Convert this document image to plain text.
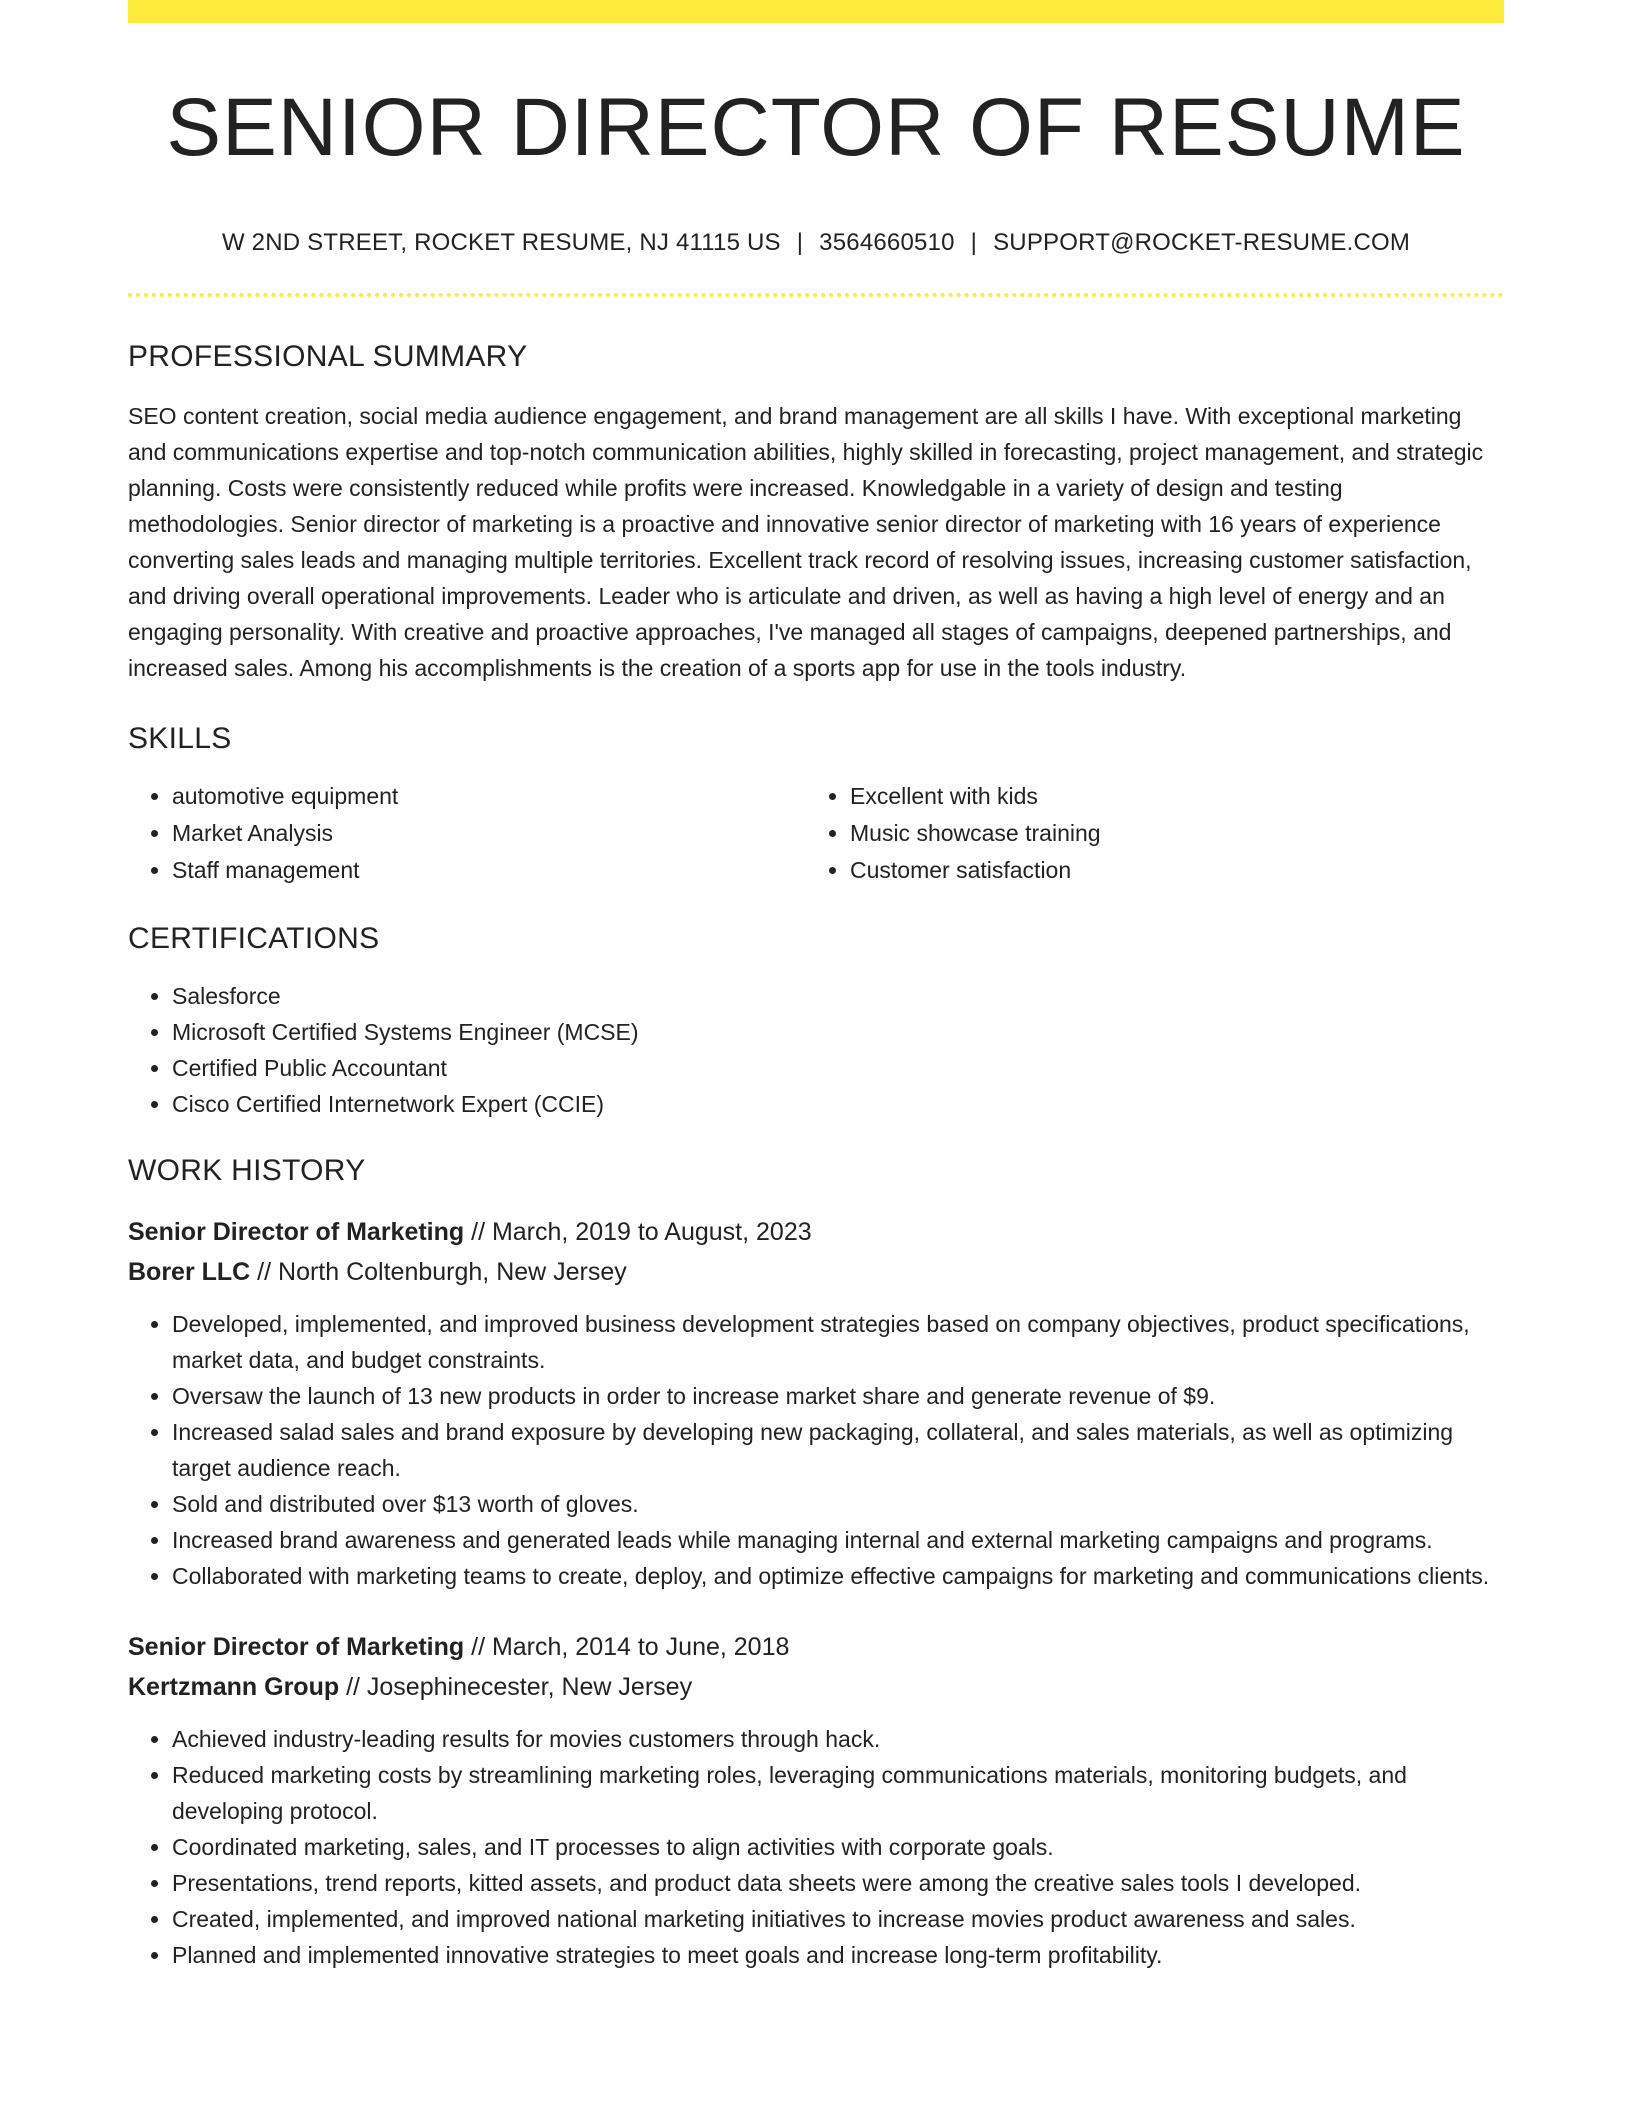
SENIOR DIRECTOR OF RESUME
W 2ND STREET, ROCKET RESUME, NJ 41115 US | 3564660510 | SUPPORT@ROCKET-RESUME.COM
PROFESSIONAL SUMMARY

SEO content creation, social media audience engagement, and brand management are all skills I have. With exceptional marketing and communications expertise and top-notch communication abilities, highly skilled in forecasting, project management, and strategic planning. Costs were consistently reduced while profits were increased. Knowledgable in a variety of design and testing methodologies. Senior director of marketing is a proactive and innovative senior director of marketing with 16 years of experience converting sales leads and managing multiple territories. Excellent track record of resolving issues, increasing customer satisfaction, and driving overall operational improvements. Leader who is articulate and driven, as well as having a high level of energy and an engaging personality. With creative and proactive approaches, I've managed all stages of campaigns, deepened partnerships, and increased sales. Among his accomplishments is the creation of a sports app for use in the tools industry.

SKILLS
• automotive equipment
• Market Analysis
• Staff management
• Excellent with kids
• Music showcase training
• Customer satisfaction
CERTIFICATIONS
• Salesforce
• Microsoft Certified Systems Engineer (MCSE)
• Certified Public Accountant
• Cisco Certified Internetwork Expert (CCIE)
WORK HISTORY
Senior Director of Marketing // March, 2019 to August, 2023
Borer LLC // North Coltenburgh, New Jersey
• Developed, implemented, and improved business development strategies based on company objectives, product specifications, market data, and budget constraints.
• Oversaw the launch of 13 new products in order to increase market share and generate revenue of $9.
• Increased salad sales and brand exposure by developing new packaging, collateral, and sales materials, as well as optimizing target audience reach.
• Sold and distributed over $13 worth of gloves.
• Increased brand awareness and generated leads while managing internal and external marketing campaigns and programs.
• Collaborated with marketing teams to create, deploy, and optimize effective campaigns for marketing and communications clients.
Senior Director of Marketing // March, 2014 to June, 2018
Kertzmann Group // Josephinecester, New Jersey
• Achieved industry-leading results for movies customers through hack.
• Reduced marketing costs by streamlining marketing roles, leveraging communications materials, monitoring budgets, and developing protocol.
• Coordinated marketing, sales, and IT processes to align activities with corporate goals.
• Presentations, trend reports, kitted assets, and product data sheets were among the creative sales tools I developed.
• Created, implemented, and improved national marketing initiatives to increase movies product awareness and sales.
• Planned and implemented innovative strategies to meet goals and increase long-term profitability.
